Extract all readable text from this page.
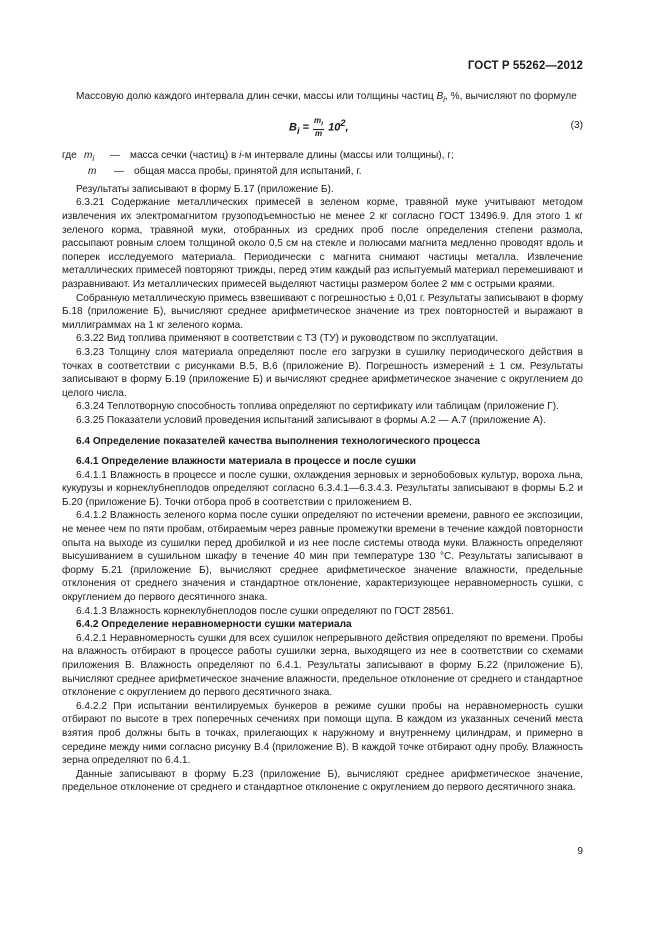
ГОСТ Р 55262—2012

Массовую долю каждого интервала длин сечки, массы или толщины частиц $B_i$, %, вычисляют по формуле

$B_i = \frac{m_i}{m} 10^2$,	(3)
где $m_i$	— масса сечки (частиц) в i-м интервале длины (массы или толщины), г;
m	— общая масса пробы, принятой для испытаний, г.

Результаты записывают в форму Б.17 (приложение Б).

6.3.21 Содержание металлических примесей в зеленом корме, травяной муке учитывают методом извлечения их электромагнитом грузоподъемностью не менее 2 кг согласно ГОСТ 13496.9. Для этого 1 кг зеленого корма, травяной муки, отобранных из средних проб после определения степени размола, рассыпают ровным слоем толщиной около 0,5 см на стекле и полюсами магнита медленно проводят вдоль и поперек исследуемого материала. Периодически с магнита снимают частицы металла. Извлечение металлических примесей повторяют трижды, перед этим каждый раз испытуемый материал перемешивают и разравнивают. Из металлических примесей выделяют частицы размером более 2 мм с острыми краями.

Собранную металлическую примесь взвешивают с погрешностью ± 0,01 г. Результаты записывают в форму Б.18 (приложение Б), вычисляют среднее арифметическое значение из трех повторностей и выражают в миллиграммах на 1 кг зеленого корма.

6.3.22 Вид топлива применяют в соответствии с ТЗ (ТУ) и руководством по эксплуатации.

6.3.23 Толщину слоя материала определяют после его загрузки в сушилку периодического действия в точках в соответствии с рисунками В.5, В.6 (приложение В). Погрешность измерений ± 1 см. Результаты записывают в форму Б.19 (приложение Б) и вычисляют среднее арифметическое значение с округлением до целого числа.

6.3.24 Теплотворную способность топлива определяют по сертификату или таблицам (приложение Г).

6.3.25 Показатели условий проведения испытаний записывают в формы А.2 — А.7 (приложение А).

6.4 Определение показателей качества выполнения технологического процесса

6.4.1 Определение влажности материала в процессе и после сушки

6.4.1.1 Влажность в процессе и после сушки, охлаждения зерновых и зернобобовых культур, вороха льна, кукурузы и корнеклубнеплодов определяют согласно 6.3.4.1—6.3.4.3. Результаты записывают в формы Б.2 и Б.20 (приложение Б). Точки отбора проб в соответствии с приложением В.

6.4.1.2 Влажность зеленого корма после сушки определяют по истечении времени, равного ее экспозиции, не менее чем по пяти пробам, отбираемым через равные промежутки времени в течение каждой повторности опыта на выходе из сушилки перед дробилкой и из нее после системы отвода муки. Влажность определяют высушиванием в сушильном шкафу в течение 40 мин при температуре 130 °С. Результаты записывают в форму Б.21 (приложение Б), вычисляют среднее арифметическое значение влажности, предельные отклонения от среднего значения и стандартное отклонение, характеризующее неравномерность сушки, с округлением до первого десятичного знака.

6.4.1.3 Влажность корнеклубнеплодов после сушки определяют по ГОСТ 28561.

6.4.2 Определение неравномерности сушки материала

6.4.2.1 Неравномерность сушки для всех сушилок непрерывного действия определяют по времени. Пробы на влажность отбирают в процессе работы сушилки зерна, выходящего из нее в соответствии со схемами приложения В. Влажность определяют по 6.4.1. Результаты записывают в форму Б.22 (приложение Б), вычисляют среднее арифметическое значение влажности, предельное отклонение от среднего и стандартное отклонение с округлением до первого десятичного знака.

6.4.2.2 При испытании вентилируемых бункеров в режиме сушки пробы на неравномерность сушки отбирают по высоте в трех поперечных сечениях при помощи щупа. В каждом из указанных сечений места взятия проб должны быть в точках, прилегающих к наружному и внутреннему цилиндрам, и примерно в середине между ними согласно рисунку В.4 (приложение В). В каждой точке отбирают одну пробу. Влажность зерна определяют по 6.4.1.

Данные записывают в форму Б.23 (приложение Б), вычисляют среднее арифметическое значение, предельное отклонение от среднего и стандартное отклонение с округлением до первого десятичного знака.

9
